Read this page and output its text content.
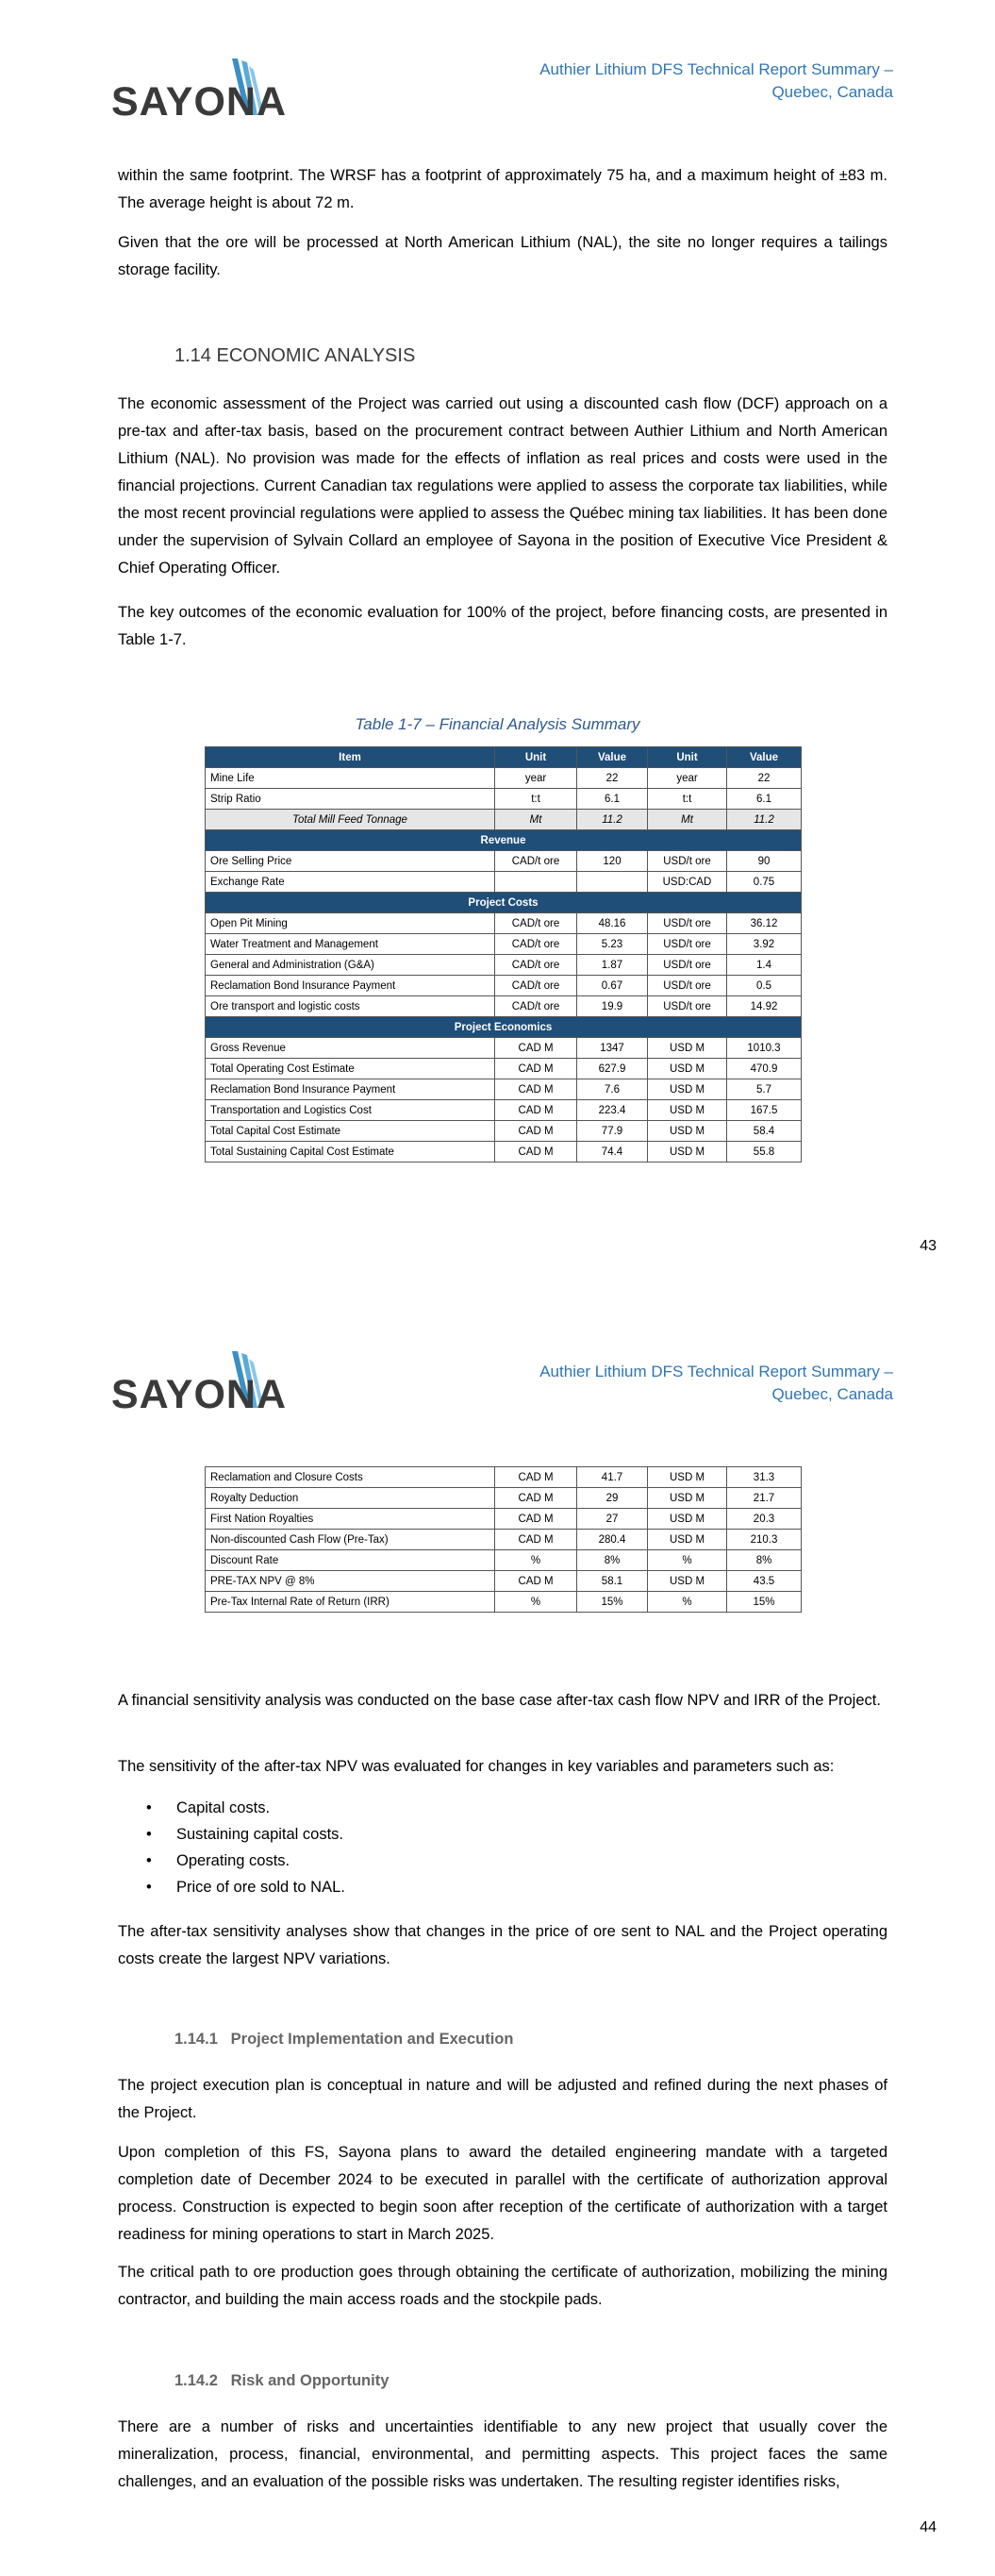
SAYONA
Authier Lithium DFS Technical Report Summary –
Quebec, Canada

within the same footprint. The WRSF has a footprint of approximately 75 ha, and a maximum height of ±83 m. The average height is about 72 m.

Given that the ore will be processed at North American Lithium (NAL), the site no longer requires a tailings storage facility.

1.14 ECONOMIC ANALYSIS

The economic assessment of the Project was carried out using a discounted cash flow (DCF) approach on a pre-tax and after-tax basis, based on the procurement contract between Authier Lithium and North American Lithium (NAL). No provision was made for the effects of inflation as real prices and costs were used in the financial projections. Current Canadian tax regulations were applied to assess the corporate tax liabilities, while the most recent provincial regulations were applied to assess the Québec mining tax liabilities. It has been done under the supervision of Sylvain Collard an employee of Sayona in the position of Executive Vice President & Chief Operating Officer.

The key outcomes of the economic evaluation for 100% of the project, before financing costs, are presented in Table 1-7.

Table 1-7 – Financial Analysis Summary
Item	Unit	Value	Unit	Value
Mine Life	year	22	year	22
Strip Ratio	t:t	6.1	t:t	6.1
Total Mill Feed Tonnage	Mt	11.2	Mt	11.2
Revenue				
Ore Selling Price	CAD/t ore	120	USD/t ore	90
Exchange Rate			USD:CAD	0.75
Project Costs				
Open Pit Mining	CAD/t ore	48.16	USD/t ore	36.12
Water Treatment and Management	CAD/t ore	5.23	USD/t ore	3.92
General and Administration (G&A)	CAD/t ore	1.87	USD/t ore	1.4
Reclamation Bond Insurance Payment	CAD/t ore	0.67	USD/t ore	0.5
Ore transport and logistic costs	CAD/t ore	19.9	USD/t ore	14.92
Project Economics				
Gross Revenue	CAD M	1347	USD M	1010.3
Total Operating Cost Estimate	CAD M	627.9	USD M	470.9
Reclamation Bond Insurance Payment	CAD M	7.6	USD M	5.7
Transportation and Logistics Cost	CAD M	223.4	USD M	167.5
Total Capital Cost Estimate	CAD M	77.9	USD M	58.4
Total Sustaining Capital Cost Estimate	CAD M	74.4	USD M	55.8
43
SAYONA
Authier Lithium DFS Technical Report Summary –
Quebec, Canada
Reclamation and Closure Costs	CAD M	41.7	USD M	31.3
Royalty Deduction	CAD M	29	USD M	21.7
First Nation Royalties	CAD M	27	USD M	20.3
Non-discounted Cash Flow (Pre-Tax)	CAD M	280.4	USD M	210.3
Discount Rate	%	8%	%	8%
PRE-TAX NPV @ 8%	CAD M	58.1	USD M	43.5
Pre-Tax Internal Rate of Return (IRR)	%	15%	%	15%

A financial sensitivity analysis was conducted on the base case after-tax cash flow NPV and IRR of the Project.

The sensitivity of the after-tax NPV was evaluated for changes in key variables and parameters such as:

• Capital costs.
• Sustaining capital costs.
• Operating costs.
• Price of ore sold to NAL.

The after-tax sensitivity analyses show that changes in the price of ore sent to NAL and the Project operating costs create the largest NPV variations.

1.14.1 Project Implementation and Execution

The project execution plan is conceptual in nature and will be adjusted and refined during the next phases of the Project.

Upon completion of this FS, Sayona plans to award the detailed engineering mandate with a targeted completion date of December 2024 to be executed in parallel with the certificate of authorization approval process. Construction is expected to begin soon after reception of the certificate of authorization with a target readiness for mining operations to start in March 2025.

The critical path to ore production goes through obtaining the certificate of authorization, mobilizing the mining contractor, and building the main access roads and the stockpile pads.

1.14.2 Risk and Opportunity

There are a number of risks and uncertainties identifiable to any new project that usually cover the mineralization, process, financial, environmental, and permitting aspects. This project faces the same challenges, and an evaluation of the possible risks was undertaken. The resulting register identifies risks,

44
